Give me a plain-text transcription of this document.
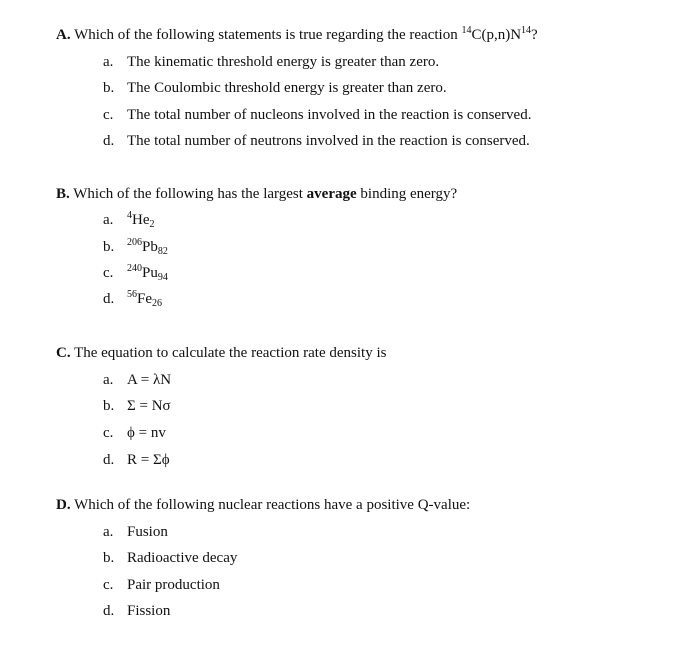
A. Which of the following statements is true regarding the reaction $^{14}C(p,n)N^{14}$?
a. The kinematic threshold energy is greater than zero.
b. The Coulombic threshold energy is greater than zero.
c. The total number of nucleons involved in the reaction is conserved.
d. The total number of neutrons involved in the reaction is conserved.
B. Which of the following has the largest average binding energy?
a. $^4He_2$
b. $^{206}Pb_{82}$
c. $^{240}Pu_{94}$
d. $^{56}Fe_{26}$
C. The equation to calculate the reaction rate density is
a. A = λN
b. Σ = Nσ
c. ϕ = nv
d. R = Σϕ
D. Which of the following nuclear reactions have a positive Q-value:
a. Fusion
b. Radioactive decay
c. Pair production
d. Fission
